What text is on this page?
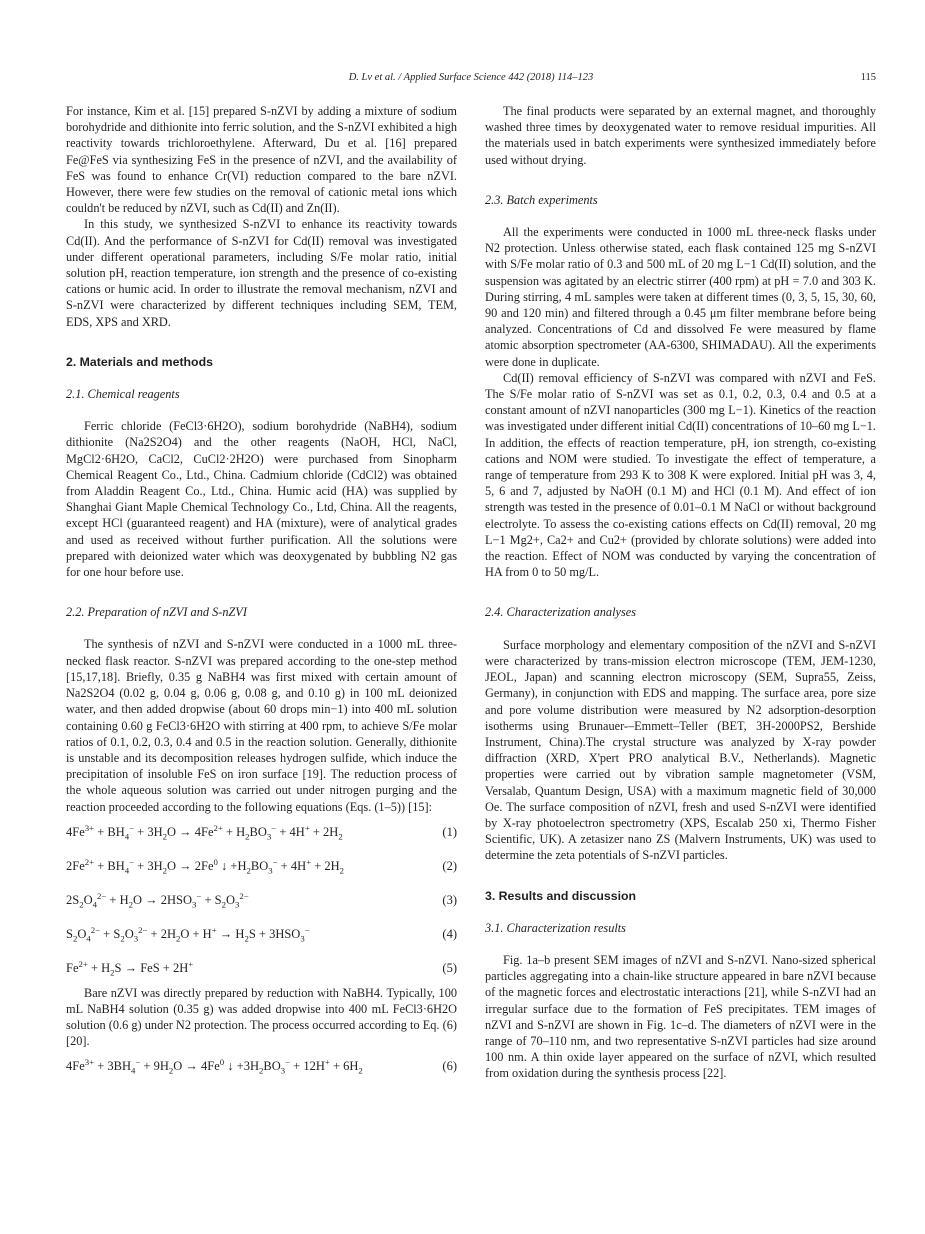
D. Lv et al. / Applied Surface Science 442 (2018) 114–123	115

For instance, Kim et al. [15] prepared S-nZVI by adding a mixture of sodium borohydride and dithionite into ferric solution, and the S-nZVI exhibited a high reactivity towards trichloroethylene. Afterward, Du et al. [16] prepared Fe@FeS via synthesizing FeS in the presence of nZVI, and the availability of FeS was found to enhance Cr(VI) reduction compared to the bare nZVI. However, there were few studies on the removal of cationic metal ions which couldn't be reduced by nZVI, such as Cd(II) and Zn(II).

In this study, we synthesized S-nZVI to enhance its reactivity towards Cd(II). And the performance of S-nZVI for Cd(II) removal was investigated under different operational parameters, including S/Fe molar ratio, initial solution pH, reaction temperature, ion strength and the presence of co-existing cations or humic acid. In order to illustrate the removal mechanism, nZVI and S-nZVI were characterized by different techniques including SEM, TEM, EDS, XPS and XRD.

2. Materials and methods
2.1. Chemical reagents

Ferric chloride (FeCl3·6H2O), sodium borohydride (NaBH4), sodium dithionite (Na2S2O4) and the other reagents (NaOH, HCl, NaCl, MgCl2·6H2O, CaCl2, CuCl2·2H2O) were purchased from Sinopharm Chemical Reagent Co., Ltd., China. Cadmium chloride (CdCl2) was obtained from Aladdin Reagent Co., Ltd., China. Humic acid (HA) was supplied by Shanghai Giant Maple Chemical Technology Co., Ltd, China. All the reagents, except HCl (guaranteed reagent) and HA (mixture), were of analytical grades and used as received without further purification. All the solutions were prepared with deionized water which was deoxygenated by bubbling N2 gas for one hour before use.

2.2. Preparation of nZVI and S-nZVI

The synthesis of nZVI and S-nZVI were conducted in a 1000 mL three-necked flask reactor. S-nZVI was prepared according to the one-step method [15,17,18]. Briefly, 0.35 g NaBH4 was first mixed with certain amount of Na2S2O4 (0.02 g, 0.04 g, 0.06 g, 0.08 g, and 0.10 g) in 100 mL deionized water, and then added dropwise (about 60 drops min−1) into 400 mL solution containing 0.60 g FeCl3·6H2O with stirring at 400 rpm, to achieve S/Fe molar ratios of 0.1, 0.2, 0.3, 0.4 and 0.5 in the reaction solution. Generally, dithionite is unstable and its decomposition releases hydrogen sulfide, which induce the precipitation of insoluble FeS on iron surface [19]. The reduction process of the whole aqueous solution was carried out under nitrogen purging and the reaction proceeded according to the following equations (Eqs. (1–5)) [15]:

$4Fe^{3+} + BH_4^- + 3H_2O \to 4Fe^{2+} + H_2BO_3^- + 4H^+ + 2H_2$	(1)
$2Fe^{2+} + BH_4^- + 3H_2O \to 2Fe^0$ ↓ $+H_2BO_3^- + 4H^+ + 2H_2$	(2)
$2S_2O_4^{2-} + H_2O \to 2HSO_3^- + S_2O_3^{2-}$	(3)
$S_2O_4^{2-} + S_2O_3^{2-} + 2H_2O + H^+ \to H_2S + 3HSO_3^-$	(4)
$Fe^{2+} + H_2S$ → FeS + 2H+	(5)

Bare nZVI was directly prepared by reduction with NaBH4. Typically, 100 mL NaBH4 solution (0.35 g) was added dropwise into 400 mL FeCl3·6H2O solution (0.6 g) under N2 protection. The process occurred according to Eq. (6) [20].

$4Fe^{3+} + 3BH_4^- + 9H_2O \to 4Fe^0$ ↓ $+3H_2BO_3^- + 12H^+ + 6H_2$	(6)

The final products were separated by an external magnet, and thoroughly washed three times by deoxygenated water to remove residual impurities. All the materials used in batch experiments were synthesized immediately before used without drying.

2.3. Batch experiments

All the experiments were conducted in 1000 mL three-neck flasks under N2 protection. Unless otherwise stated, each flask contained 125 mg S-nZVI with S/Fe molar ratio of 0.3 and 500 mL of 20 mg L−1 Cd(II) solution, and the suspension was agitated by an electric stirrer (400 rpm) at pH = 7.0 and 303 K. During stirring, 4 mL samples were taken at different times (0, 3, 5, 15, 30, 60, 90 and 120 min) and filtered through a 0.45 μm filter membrane before being analyzed. Concentrations of Cd and dissolved Fe were measured by flame atomic absorption spectrometer (AA-6300, SHIMADAU). All the experiments were done in duplicate.

Cd(II) removal efficiency of S-nZVI was compared with nZVI and FeS. The S/Fe molar ratio of S-nZVI was set as 0.1, 0.2, 0.3, 0.4 and 0.5 at a constant amount of nZVI nanoparticles (300 mg L−1). Kinetics of the reaction was investigated under different initial Cd(II) concentrations of 10–60 mg L−1. In addition, the effects of reaction temperature, pH, ion strength, co-existing cations and NOM were studied. To investigate the effect of temperature, a range of temperature from 293 K to 308 K were explored. Initial pH was 3, 4, 5, 6 and 7, adjusted by NaOH (0.1 M) and HCl (0.1 M). And effect of ion strength was tested in the presence of 0.01–0.1 M NaCl or without background electrolyte. To assess the co-existing cations effects on Cd(II) removal, 20 mg L−1 Mg2+, Ca2+ and Cu2+ (provided by chlorate solutions) were added into the reaction. Effect of NOM was conducted by varying the concentration of HA from 0 to 50 mg/L.

2.4. Characterization analyses

Surface morphology and elementary composition of the nZVI and S-nZVI were characterized by trans-mission electron microscope (TEM, JEM-1230, JEOL, Japan) and scanning electron microscopy (SEM, Supra55, Zeiss, Germany), in conjunction with EDS and mapping. The surface area, pore size and pore volume distribution were measured by N2 adsorption-desorption isotherms using Brunauer-–Emmett–Teller (BET, 3H-2000PS2, Bershide Instrument, China).The crystal structure was analyzed by X-ray powder diffraction (XRD, X'pert PRO analytical B.V., Netherlands). Magnetic properties were carried out by vibration sample magnetometer (VSM, Versalab, Quantum Design, USA) with a maximum magnetic field of 30,000 Oe. The surface composition of nZVI, fresh and used S-nZVI were identified by X-ray photoelectron spectrometry (XPS, Escalab 250 xi, Thermo Fisher Scientific, UK). A zetasizer nano ZS (Malvern Instruments, UK) was used to determine the zeta potentials of S-nZVI particles.

3. Results and discussion
3.1. Characterization results

Fig. 1a–b present SEM images of nZVI and S-nZVI. Nano-sized spherical particles aggregating into a chain-like structure appeared in bare nZVI because of the magnetic forces and electrostatic interactions [21], while S-nZVI had an irregular surface due to the formation of FeS precipitates. TEM images of nZVI and S-nZVI are shown in Fig. 1c–d. The diameters of nZVI were in the range of 70–110 nm, and two representative S-nZVI particles had size around 100 nm. A thin oxide layer appeared on the surface of nZVI, which resulted from oxidation during the synthesis process [22].
